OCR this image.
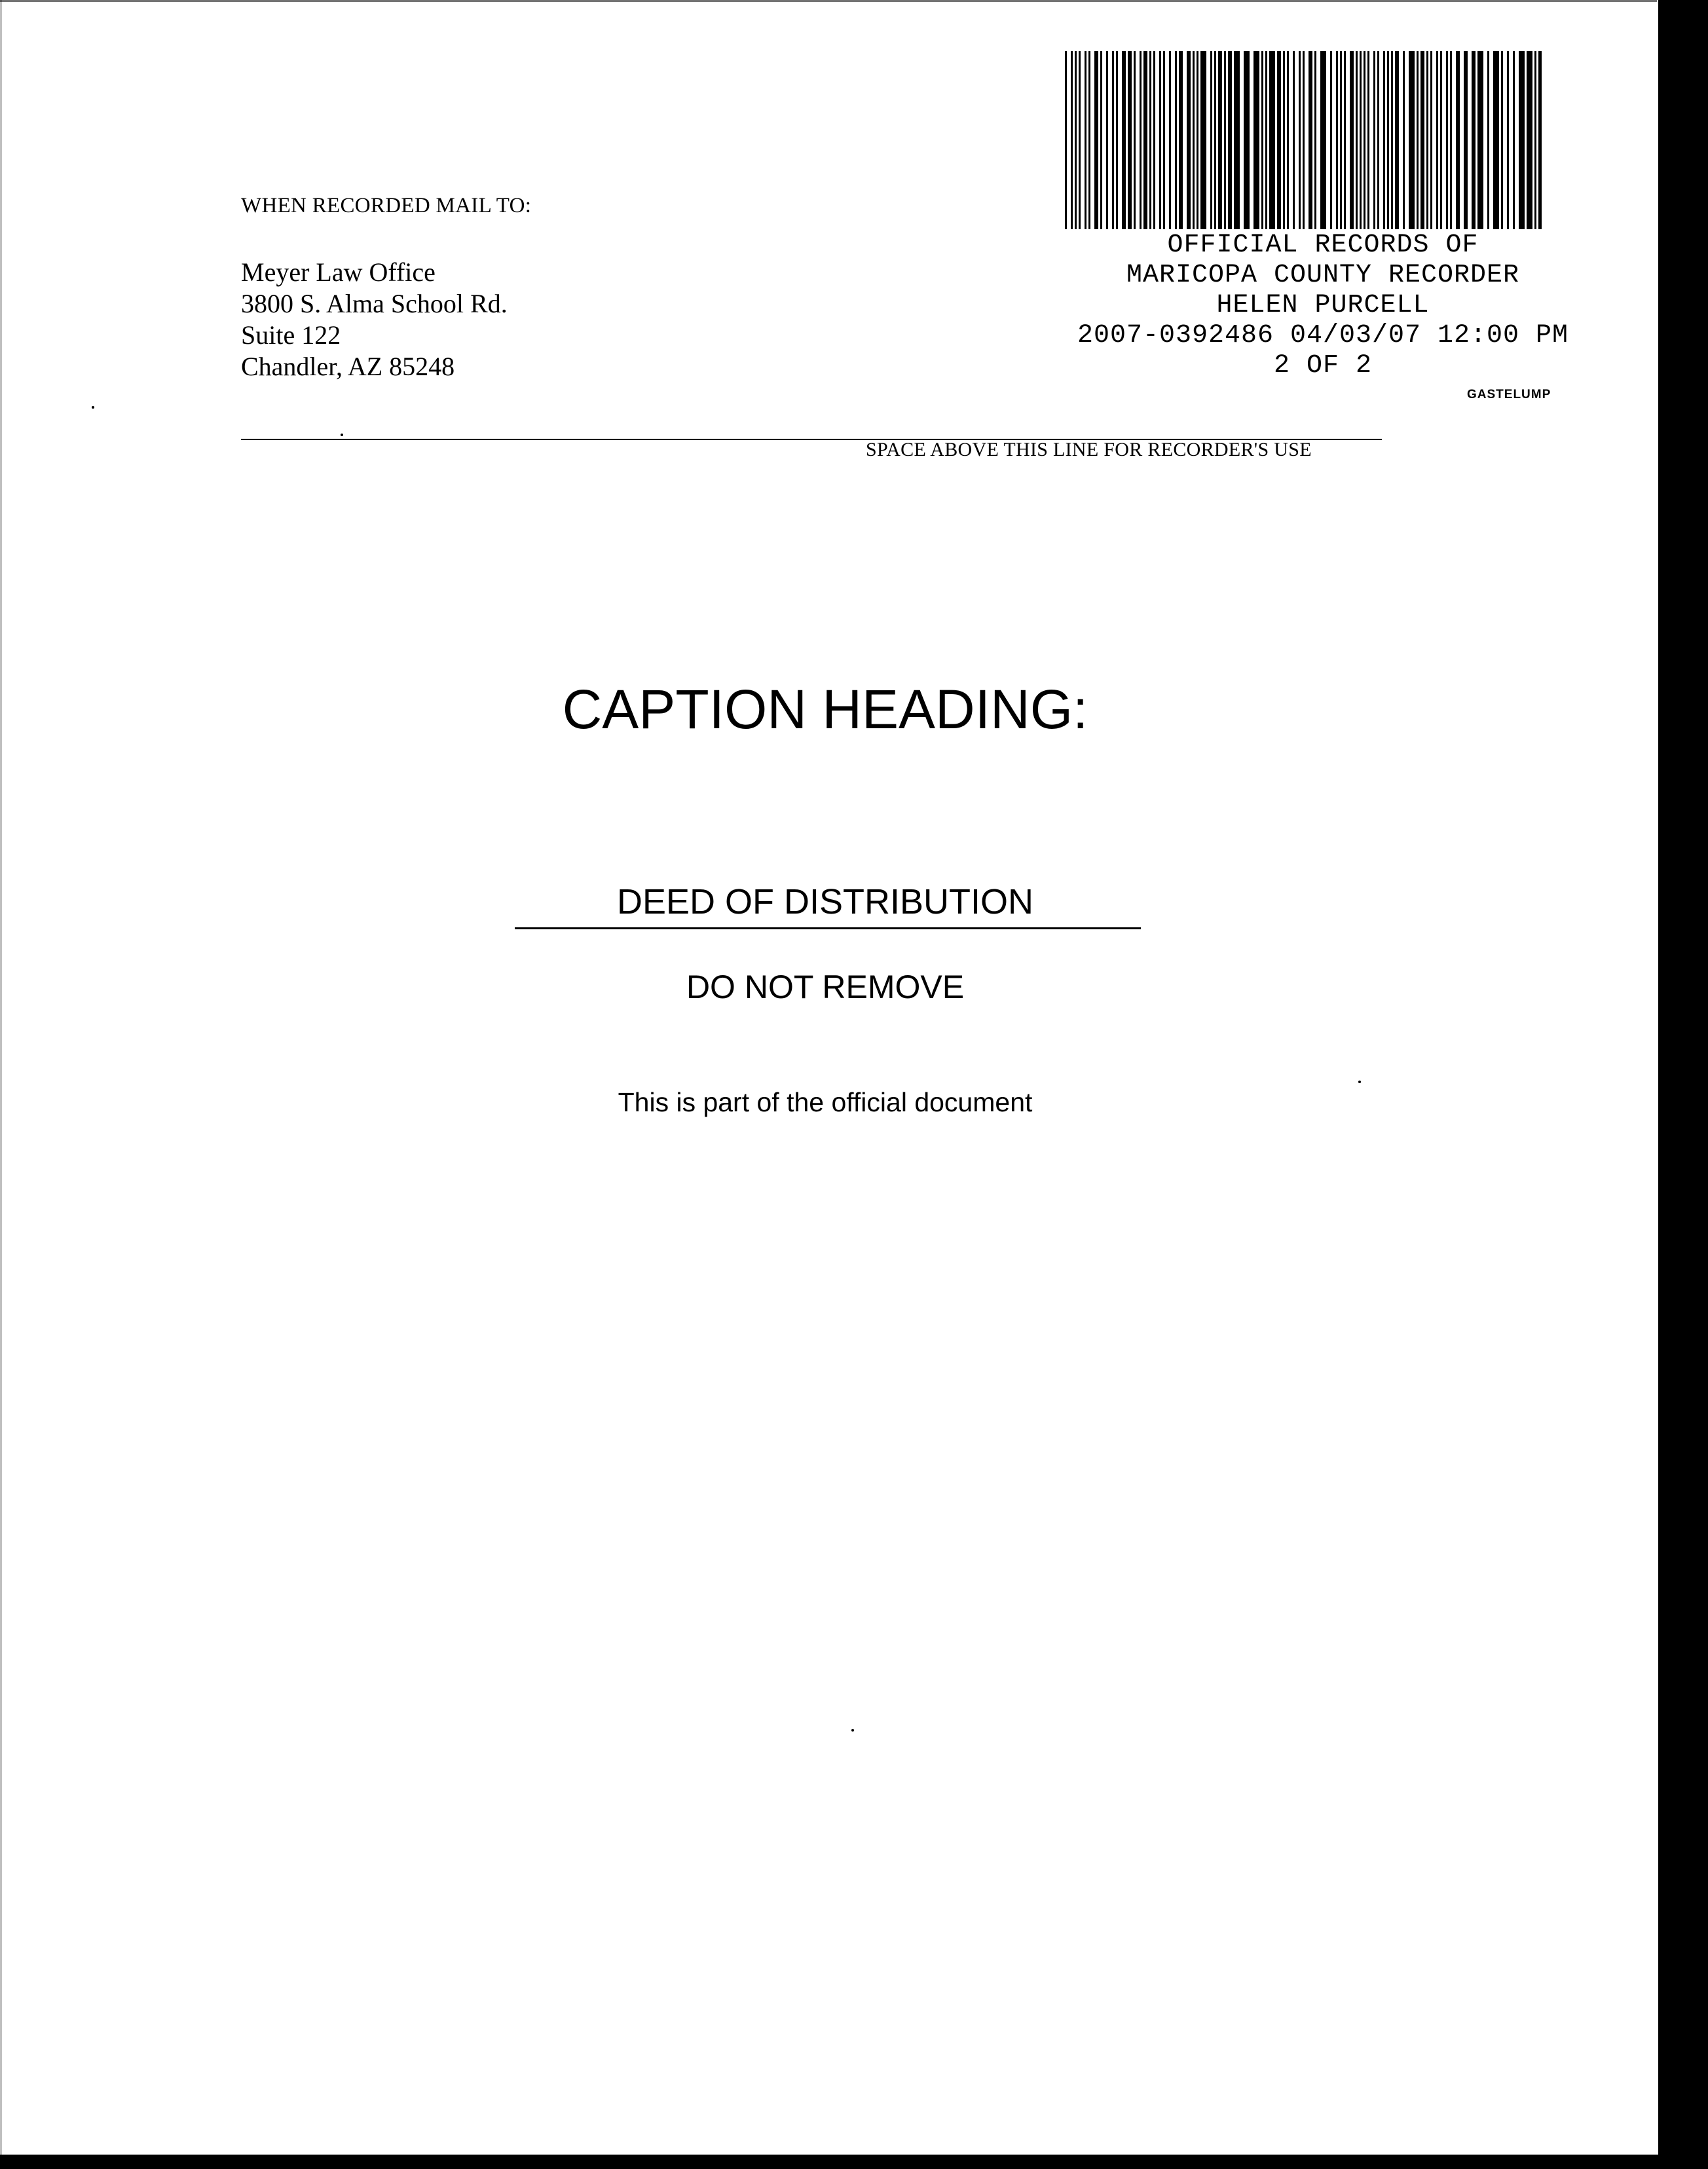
WHEN RECORDED MAIL TO:
Meyer Law Office
3800 S. Alma School Rd.
Suite 122
Chandler, AZ 85248
OFFICIAL RECORDS OF
MARICOPA COUNTY RECORDER
HELEN PURCELL
2007-0392486 04/03/07 12:00 PM
2 OF 2
GASTELUMP
SPACE ABOVE THIS LINE FOR RECORDER'S USE
CAPTION HEADING:
DEED OF DISTRIBUTION
DO NOT REMOVE
This is part of the official document
